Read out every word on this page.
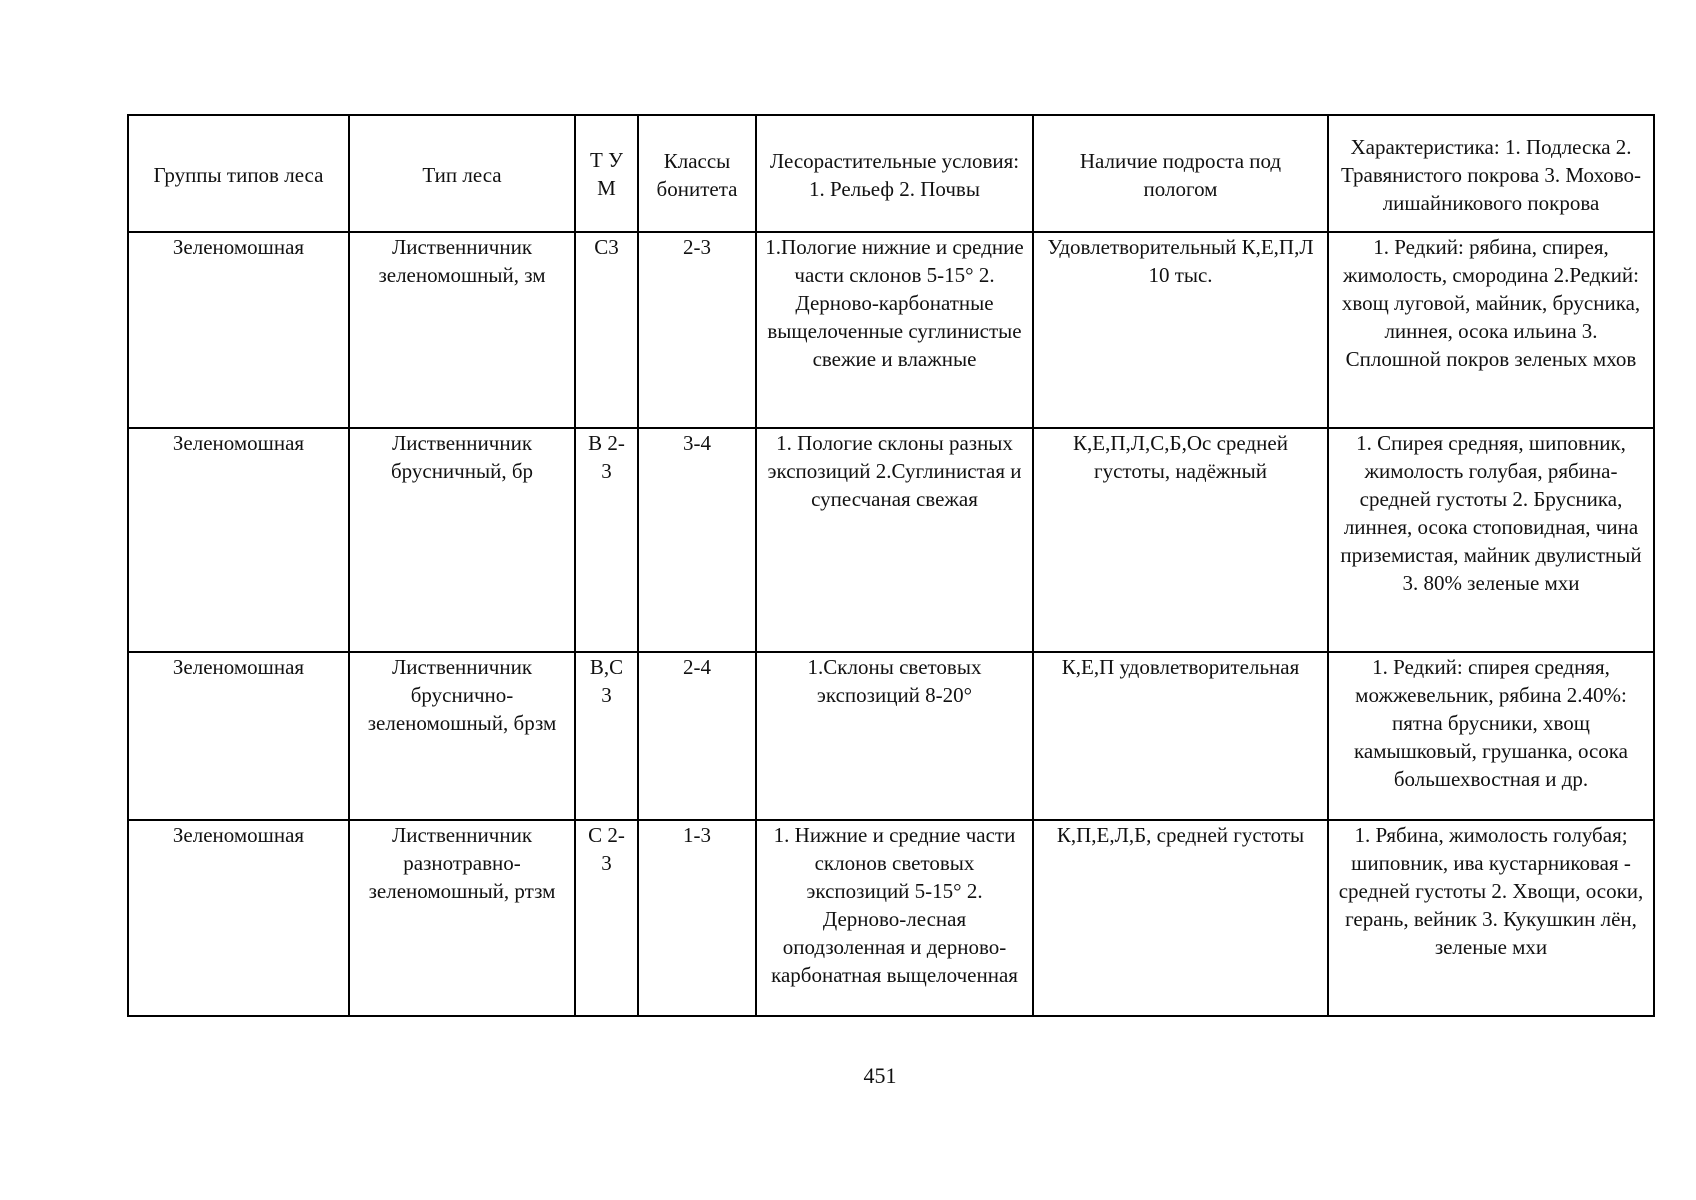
Группы типов леса	Тип леса	Т У М	Классы бонитета	Лесорастительные условия: 1. Рельеф 2. Почвы	Наличие подроста под пологом	Характеристика: 1. Подлеска 2. Травянистого покрова 3. Мохово-лишайникового покрова
Зеленомошная	Лиственничник зеленомошный, зм	С3	2-3	1.Пологие нижние и средние части склонов 5-15° 2. Дерново-карбонатные выщелоченные суглинистые свежие и влажные	Удовлетворительный К,Е,П,Л 10 тыс.	1. Редкий: рябина, спирея, жимолость, смородина 2.Редкий: хвощ луговой, майник, брусника, линнея, осока ильина 3. Сплошной покров зеленых мхов
Зеленомошная	Лиственничник брусничный, бр	В 2-3	3-4	1. Пологие склоны разных экспозиций 2.Суглинистая и супесчаная свежая	К,Е,П,Л,С,Б,Ос средней густоты, надёжный	1. Спирея средняя, шиповник, жимолость голубая, рябина-средней густоты 2. Брусника, линнея, осока стоповидная, чина приземистая, майник двулистный 3. 80% зеленые мхи
Зеленомошная	Лиственничник бруснично-зеленомошный, брзм	В,С 3	2-4	1.Склоны световых экспозиций 8-20°	К,Е,П удовлетворительная	1. Редкий: спирея средняя, можжевельник, рябина 2.40%: пятна брусники, хвощ камышковый, грушанка, осока большехвостная и др.
Зеленомошная	Лиственничник разнотравно-зеленомошный, ртзм	С 2-3	1-3	1. Нижние и средние части склонов световых экспозиций 5-15° 2. Дерново-лесная оподзоленная и дерново-карбонатная выщелоченная	К,П,Е,Л,Б, средней густоты	1. Рябина, жимолость голубая; шиповник, ива кустарниковая - средней густоты 2. Хвощи, осоки, герань, вейник 3. Кукушкин лён, зеленые мхи
451
